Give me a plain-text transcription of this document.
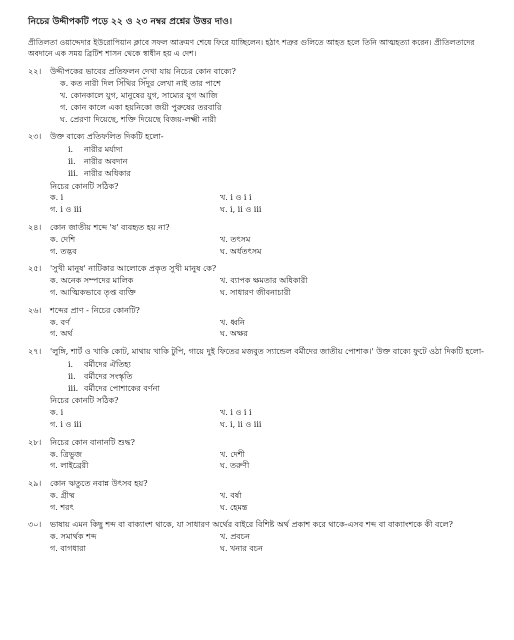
নিচের উদ্দীপকটি পড়ে ২২ ও ২৩ নম্বর প্রশ্নের উত্তর দাও।
প্রীতিলতা ওয়াদ্দেদার ইউরোপিয়ান ক্লাবে সফল আক্রমণ শেষে ফিরে যাচ্ছিলেন। হঠাৎ শত্রুর গুলিতে আহত হলে তিনি আত্মহত্যা করেন। প্রীতিলতাদের অবদানে এক সময় ব্রিটিশ শাসন থেকে স্বাধীন হয় এ দেশ।
২২।	উদ্দীপকের ভাবের প্রতিফলন দেখা যায় নিচের কোন বাক্যে?
ক. কত নারী দিল সিঁথির সিঁদুর লেখা নাই তার পাশে
খ. কোনকালে যুগ, মানুষের যুগ, সাম্যের যুগ আজি
গ. কোন কালে একা হয়নিকো জয়ী পুরুষের তরবারি
ঘ. প্রেরণা দিয়েছে, শক্তি দিয়েছে বিজয়-লক্ষ্মী নারী
২৩।	উক্ত বাক্যে প্রতিফলিত দিকটি হলো-
i.	নারীর মর্যাদা
ii.	নারীর অবদান
iii. নারীর অধিকার
নিচের কোনটি সঠিক?
ক. i	খ. i ও i i
গ. i ও iii	ঘ. i, ii ও iii
২৪।	কোন জাতীয় শব্দে 'ষ' ব্যবহৃত হয় না?
ক. দেশি	খ. তৎসম
গ. তদ্ভব	ঘ. অর্ধতৎসম
২৫।	'সুখী মানুষ' নাটিকার আলোকে প্রকৃত সুখী মানুষ কে?
ক. অনেক সম্পদের মালিক	খ. ব্যাপক ক্ষমতার অধিকারী
গ. আত্মিকভাবে তৃপ্ত ব্যক্তি	ঘ. সাধারণ জীবনাচারী
২৬।	শব্দের প্রাণ - নিচের কোনটি?
ক. বর্ণ	খ. ধ্বনি
গ. অর্থ	ঘ. অক্ষর
২৭।	'লুঙ্গি, শার্ট ও খাকি কোট, মাথায় খাকি টুপি, গায়ে দুই ফিতের মজবুত স্যান্ডেল বর্মীদের জাতীয় পোশাক।' উক্ত বাক্যে ফুটে ওঠা দিকটি হলো-
i.	বর্মীদের ঐতিহ্য
ii.	বর্মীদের সংস্কৃতি
iii. বর্মীদের পোশাকের বর্ণনা
নিচের কোনটি সঠিক?
ক. i	খ. i ও i i
গ. i ও iii	ঘ. i, ii ও iii
২৮।	নিচের কোন বানানটি শুদ্ধ?
ক. ত্রিভুজ	খ. দেশী
গ. লাইব্রেরী	ঘ. তরুণী
২৯।	কোন ঋতুতে নবান্ন উৎসব হয়?
ক. গ্রীষ্ম	খ. বর্ষা
গ. শরৎ	ঘ. হেমন্ত
৩০।	ভাষায় এমন কিছু শব্দ বা বাক্যাংশ থাকে, যা সাধারণ অর্থের বাইরে বিশিষ্ট অর্থ প্রকাশ করে থাকে-এসব শব্দ বা বাক্যাংশকে কী বলে?
ক. সমার্থক শব্দ	খ. প্রবচন
গ. বাগধারা	ঘ. খনার বচন
